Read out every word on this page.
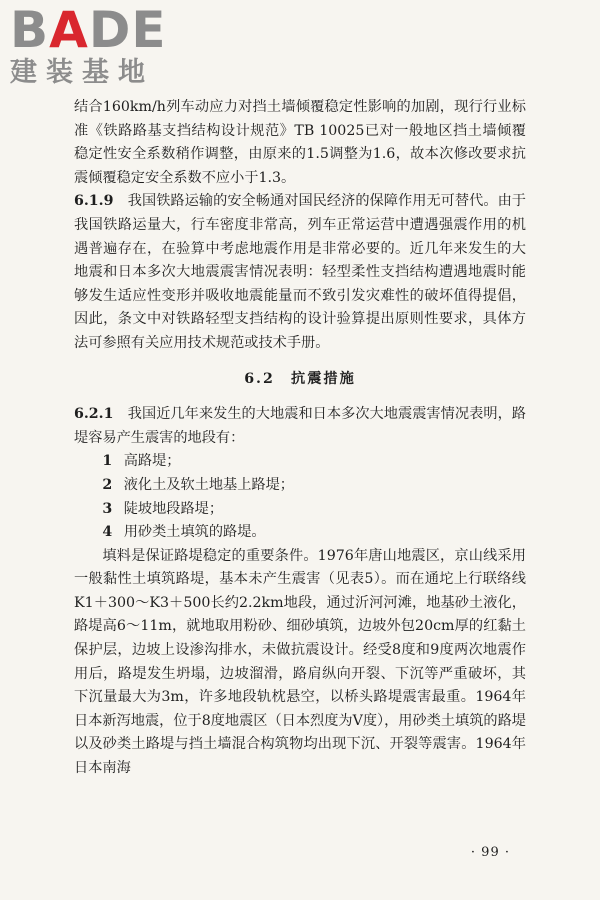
BADE
建装基地

结合160km/h列车动应力对挡土墙倾覆稳定性影响的加剧，现行行业标准《铁路路基支挡结构设计规范》TB 10025已对一般地区挡土墙倾覆稳定性安全系数稍作调整，由原来的1.5调整为1.6，故本次修改要求抗震倾覆稳定安全系数不应小于1.3。

6.1.9　 我国铁路运输的安全畅通对国民经济的保障作用无可替代。由于我国铁路运量大，行车密度非常高，列车正常运营中遭遇强震作用的机遇普遍存在，在验算中考虑地震作用是非常必要的。近几年来发生的大地震和日本多次大地震震害情况表明：轻型柔性支挡结构遭遇地震时能够发生适应性变形并吸收地震能量而不致引发灾难性的破坏值得提倡，因此，条文中对铁路轻型支挡结构的设计验算提出原则性要求，具体方法可参照有关应用技术规范或技术手册。

6.2　抗震措施

6.2.1　 我国近几年来发生的大地震和日本多次大地震震害情况表明，路堤容易产生震害的地段有：

1 高路堤；

2 液化土及软土地基上路堤；

3 陡坡地段路堤；

4 用砂类土填筑的路堤。

填料是保证路堤稳定的重要条件。1976年唐山地震区，京山线采用一般黏性土填筑路堤，基本未产生震害（见表5）。而在通坨上行联络线K1＋300～K3＋500长约2.2km地段，通过沂河河滩，地基砂土液化，路堤高6～11m，就地取用粉砂、细砂填筑，边坡外包20cm厚的红黏土保护层，边坡上设渗沟排水，未做抗震设计。经受8度和9度两次地震作用后，路堤发生坍塌，边坡溜滑，路肩纵向开裂、下沉等严重破坏，其下沉量最大为3m，许多地段轨枕悬空，以桥头路堤震害最重。1964年日本新泻地震，位于8度地震区（日本烈度为V度），用砂类土填筑的路堤以及砂类土路堤与挡土墙混合构筑物均出现下沉、开裂等震害。1964年日本南海

· 99 ·
